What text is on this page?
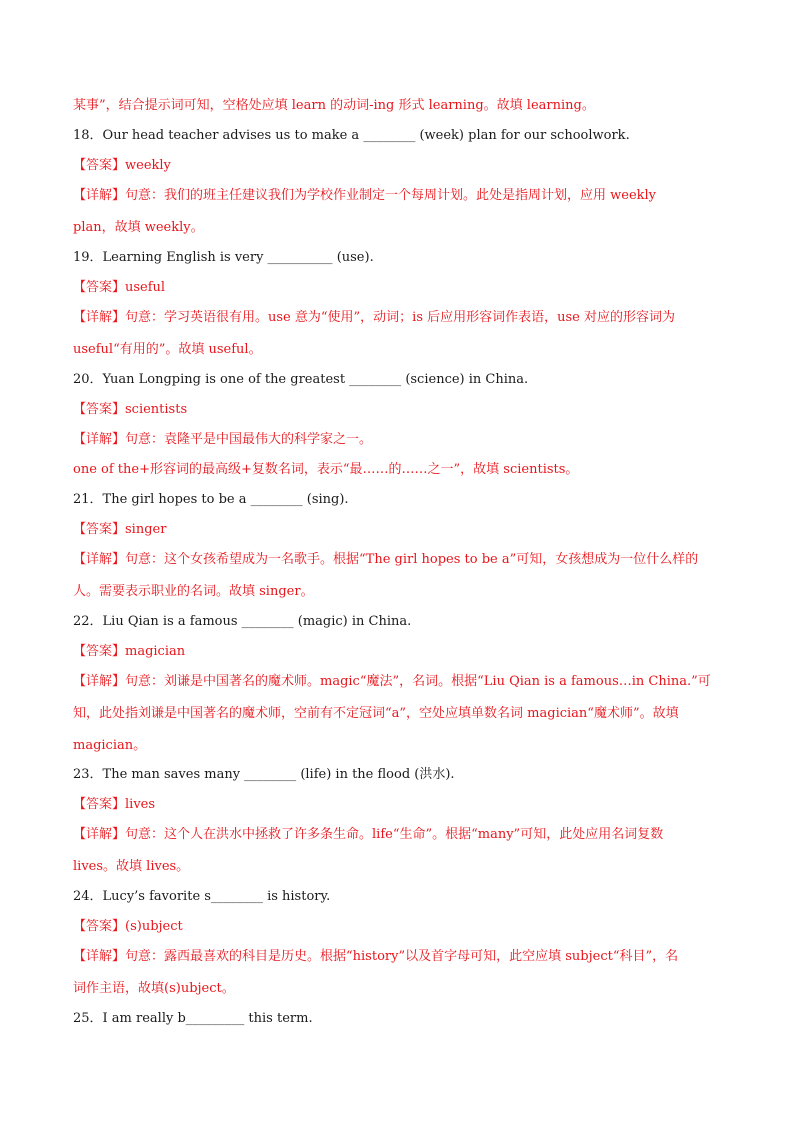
某事”，结合提示词可知，空格处应填 learn 的动词-ing 形式 learning。故填 learning。
18．Our head teacher advises us to make a ________ (week) plan for our schoolwork.
【答案】weekly
【详解】句意：我们的班主任建议我们为学校作业制定一个每周计划。此处是指周计划，应用 weekly
plan，故填 weekly。
19．Learning English is very __________ (use).
【答案】useful
【详解】句意：学习英语很有用。use 意为“使用”，动词；is 后应用形容词作表语，use 对应的形容词为
useful“有用的”。故填 useful。
20．Yuan Longping is one of the greatest ________ (science) in China.
【答案】scientists
【详解】句意：袁隆平是中国最伟大的科学家之一。
one of the+形容词的最高级+复数名词，表示“最……的……之一”，故填 scientists。
21．The girl hopes to be a ________ (sing).
【答案】singer
【详解】句意：这个女孩希望成为一名歌手。根据“The girl hopes to be a”可知，女孩想成为一位什么样的
人。需要表示职业的名词。故填 singer。
22．Liu Qian is a famous ________ (magic) in China.
【答案】magician
【详解】句意：刘谦是中国著名的魔术师。magic“魔法”，名词。根据“Liu Qian is a famous…in China.”可
知，此处指刘谦是中国著名的魔术师，空前有不定冠词“a”，空处应填单数名词 magician“魔术师”。故填
magician。
23．The man saves many ________ (life) in the flood (洪水).
【答案】lives
【详解】句意：这个人在洪水中拯救了许多条生命。life“生命”。根据“many”可知，此处应用名词复数
lives。故填 lives。
24．Lucy’s favorite s________ is history.
【答案】(s)ubject
【详解】句意：露西最喜欢的科目是历史。根据“history”以及首字母可知，此空应填 subject“科目”，名
词作主语，故填(s)ubject。
25．I am really b_________ this term.
